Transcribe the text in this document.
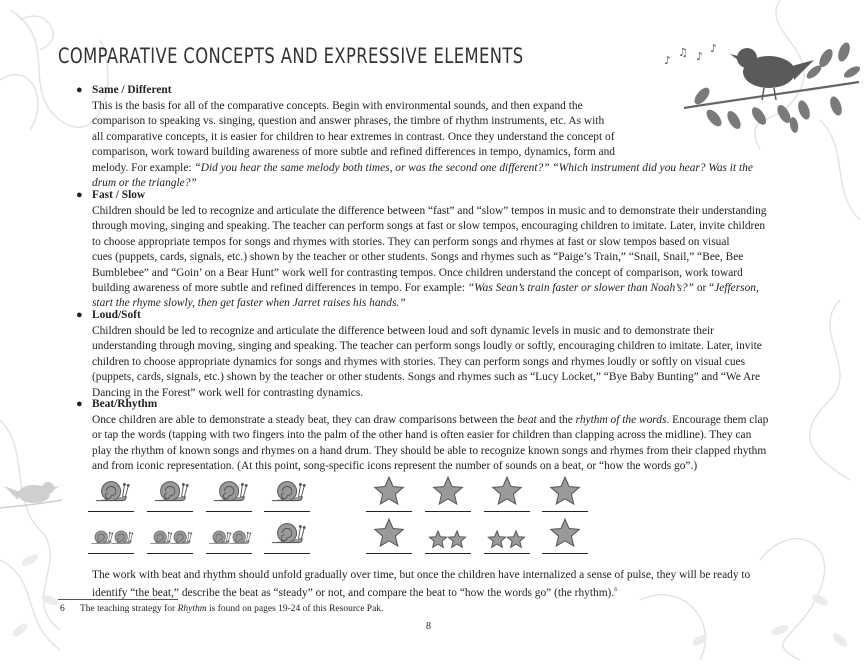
♪
♫ ♪
♪
COMPARATIVE CONCEPTS AND EXPRESSIVE ELEMENTS
● Same / Different

This is the basis for all of the comparative concepts. Begin with environmental sounds, and then expand the

comparison to speaking vs. singing, question and answer phrases, the timbre of rhythm instruments, etc. As with

all comparative concepts, it is easier for children to hear extremes in contrast. Once they understand the concept of

comparison, work toward building awareness of more subtle and refined differences in tempo, dynamics, form and

melody. For example: “Did you hear the same melody both times, or was the second one different?” “Which instrument did you hear? Was it the

drum or the triangle?”

● Fast / Slow

Children should be led to recognize and articulate the difference between “fast” and “slow” tempos in music and to demonstrate their understanding

through moving, singing and speaking. The teacher can perform songs at fast or slow tempos, encouraging children to imitate. Later, invite children

to choose appropriate tempos for songs and rhymes with stories. They can perform songs and rhymes at fast or slow tempos based on visual

cues (puppets, cards, signals, etc.) shown by the teacher or other students. Songs and rhymes such as “Paige’s Train,” “Snail, Snail,” “Bee, Bee

Bumblebee” and “Goin’ on a Bear Hunt” work well for contrasting tempos. Once children understand the concept of comparison, work toward

building awareness of more subtle and refined differences in tempo. For example: “Was Sean’s train faster or slower than Noah’s?” or “Jefferson,

start the rhyme slowly, then get faster when Jarret raises his hands.”

● Loud/Soft

Children should be led to recognize and articulate the difference between loud and soft dynamic levels in music and to demonstrate their

understanding through moving, singing and speaking. The teacher can perform songs loudly or softly, encouraging children to imitate. Later, invite

children to choose appropriate dynamics for songs and rhymes with stories. They can perform songs and rhymes loudly or softly on visual cues

(puppets, cards, signals, etc.) shown by the teacher or other students. Songs and rhymes such as “Lucy Locket,” “Bye Baby Bunting” and “We Are

Dancing in the Forest” work well for contrasting dynamics.

● Beat/Rhythm

Once children are able to demonstrate a steady beat, they can draw comparisons between the beat and the rhythm of the words. Encourage them clap

or tap the words (tapping with two fingers into the palm of the other hand is often easier for children than clapping across the midline). They can

play the rhythm of known songs and rhymes on a hand drum. They should be able to recognize known songs and rhymes from their clapped rhythm

and from iconic representation. (At this point, song-specific icons represent the number of sounds on a beat, or “how the words go”.)

The work with beat and rhythm should unfold gradually over time, but once the children have internalized a sense of pulse, they will be ready to
identify “the beat,” describe the beat as “steady” or not, and compare the beat to “how the words go” (the rhythm).$^6$

6 The teaching strategy for Rhythm is found on pages 19-24 of this Resource Pak.
8
